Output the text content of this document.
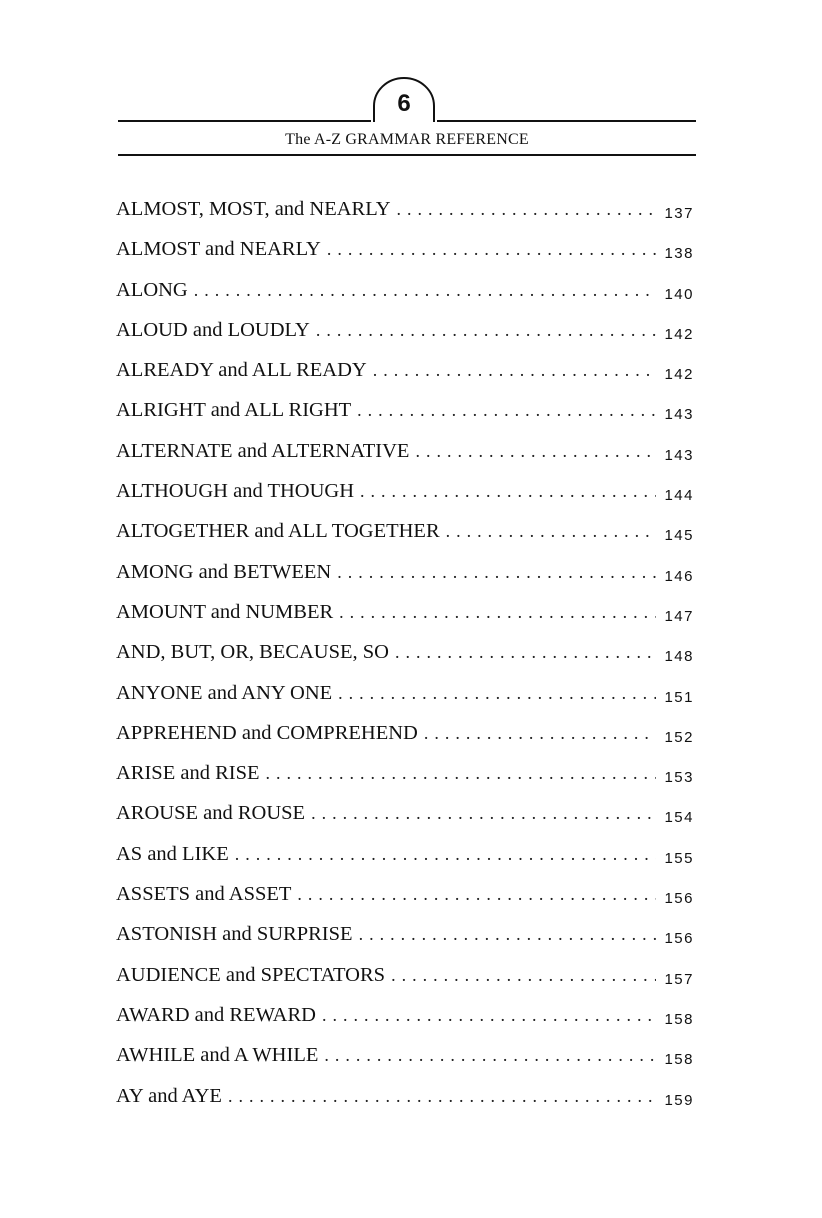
6
The A-Z GRAMMAR REFERENCE
ALMOST, MOST, and NEARLY . . .	137
ALMOST and NEARLY . . .	138
ALONG . . .	140
ALOUD and LOUDLY . . .	142
ALREADY and ALL READY . . .	142
ALRIGHT and ALL RIGHT . . .	143
ALTERNATE and ALTERNATIVE . . .	143
ALTHOUGH and THOUGH . . .	144
ALTOGETHER and ALL TOGETHER . . .	145
AMONG and BETWEEN . . .	146
AMOUNT and NUMBER . . .	147
AND, BUT, OR, BECAUSE, SO . . .	148
ANYONE and ANY ONE . . .	151
APPREHEND and COMPREHEND . . .	152
ARISE and RISE . . .	153
AROUSE and ROUSE . . .	154
AS and LIKE . . .	155
ASSETS and ASSET . . .	156
ASTONISH and SURPRISE . . .	156
AUDIENCE and SPECTATORS . . .	157
AWARD and REWARD . . .	158
AWHILE and A WHILE . . .	158
AY and AYE . . .	159
